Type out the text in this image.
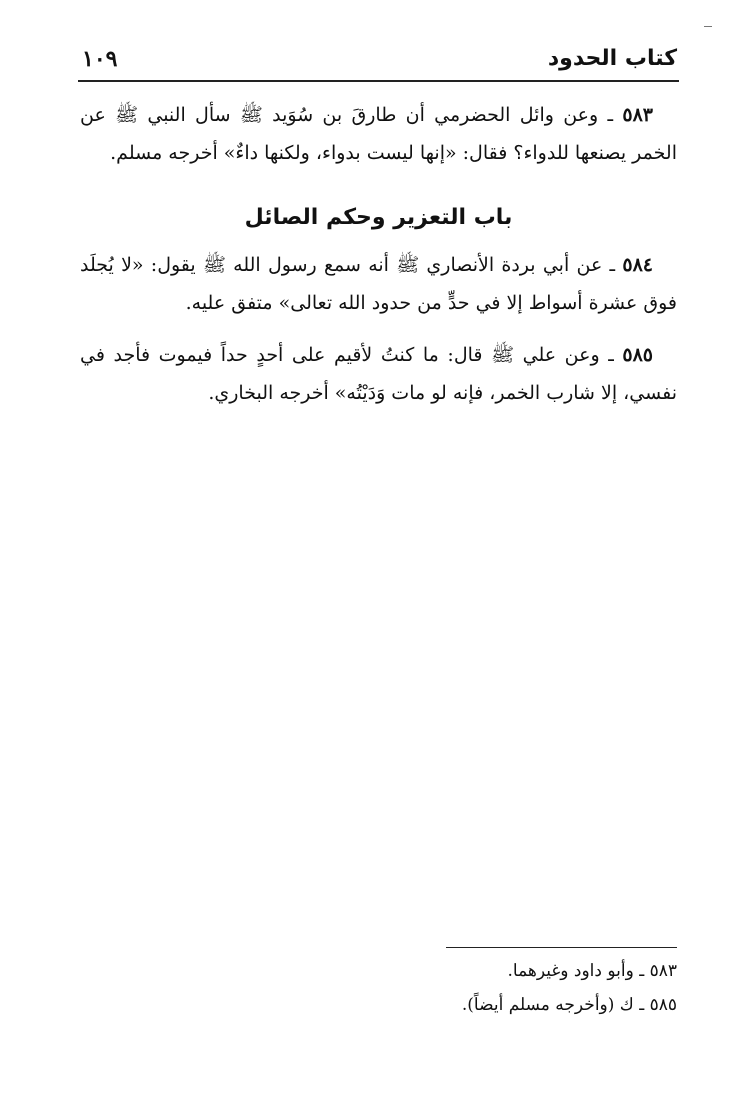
كتاب الحدود
١٠٩

٥٨٣ ـ وعن وائل الحضرمي أن طارقَ بن سُوَيد ﷺ سأل النبي ﷺ عن الخمر يصنعها للدواء؟ فقال: «إنها ليست بدواء، ولكنها داءٌ» أخرجه مسلم.

باب التعزير وحكم الصائل

٥٨٤ ـ عن أبي بردة الأنصاري ﷺ أنه سمع رسول الله ﷺ يقول: «لا يُجلَد فوق عشرة أسواط إلا في حدٍّ من حدود الله تعالى» متفق عليه.

٥٨٥ ـ وعن علي ﷺ قال: ما كنتُ لأقيم على أحدٍ حداً فيموت فأجد في نفسي، إلا شارب الخمر، فإنه لو مات وَدَيْتُه» أخرجه البخاري.

٥٨٣ ـ وأبو داود وغيرهما.

٥٨٥ ـ ك (وأخرجه مسلم أيضاً).
